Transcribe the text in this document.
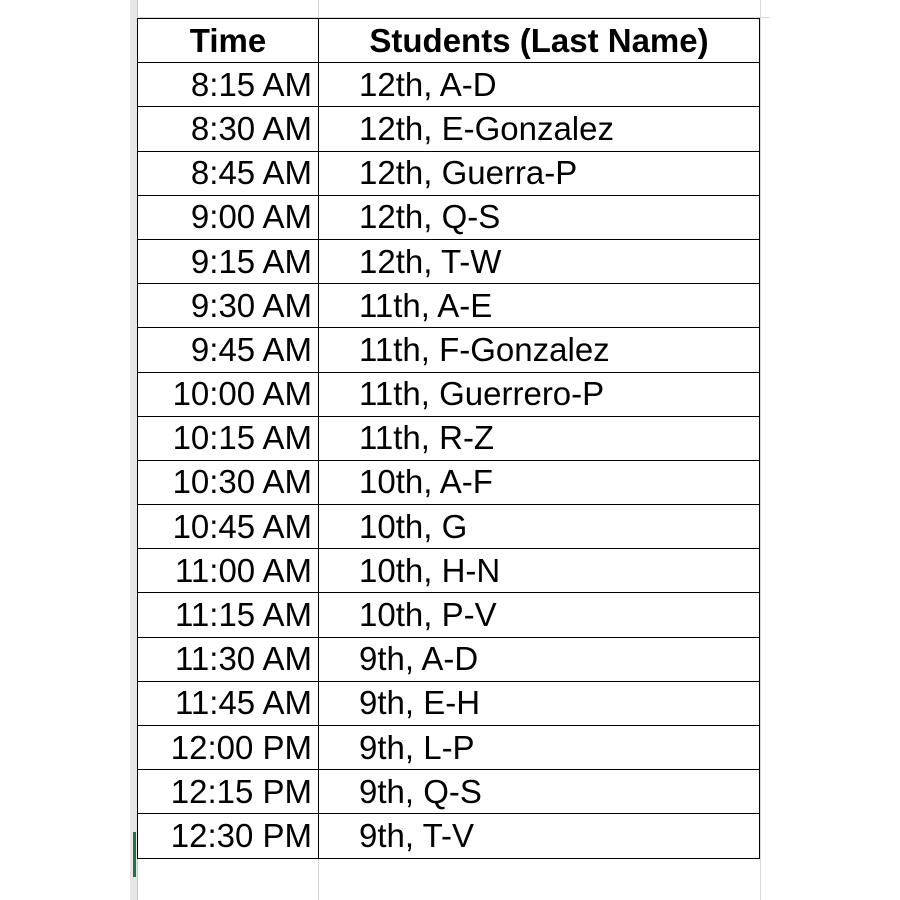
Time	Students (Last Name)
8:15 AM	12th, A-D
8:30 AM	12th, E-Gonzalez
8:45 AM	12th, Guerra-P
9:00 AM	12th, Q-S
9:15 AM	12th, T-W
9:30 AM	11th, A-E
9:45 AM	11th, F-Gonzalez
10:00 AM	11th, Guerrero-P
10:15 AM	11th, R-Z
10:30 AM	10th, A-F
10:45 AM	10th, G
11:00 AM	10th, H-N
11:15 AM	10th, P-V
11:30 AM	9th, A-D
11:45 AM	9th, E-H
12:00 PM	9th, L-P
12:15 PM	9th, Q-S
12:30 PM	9th, T-V
